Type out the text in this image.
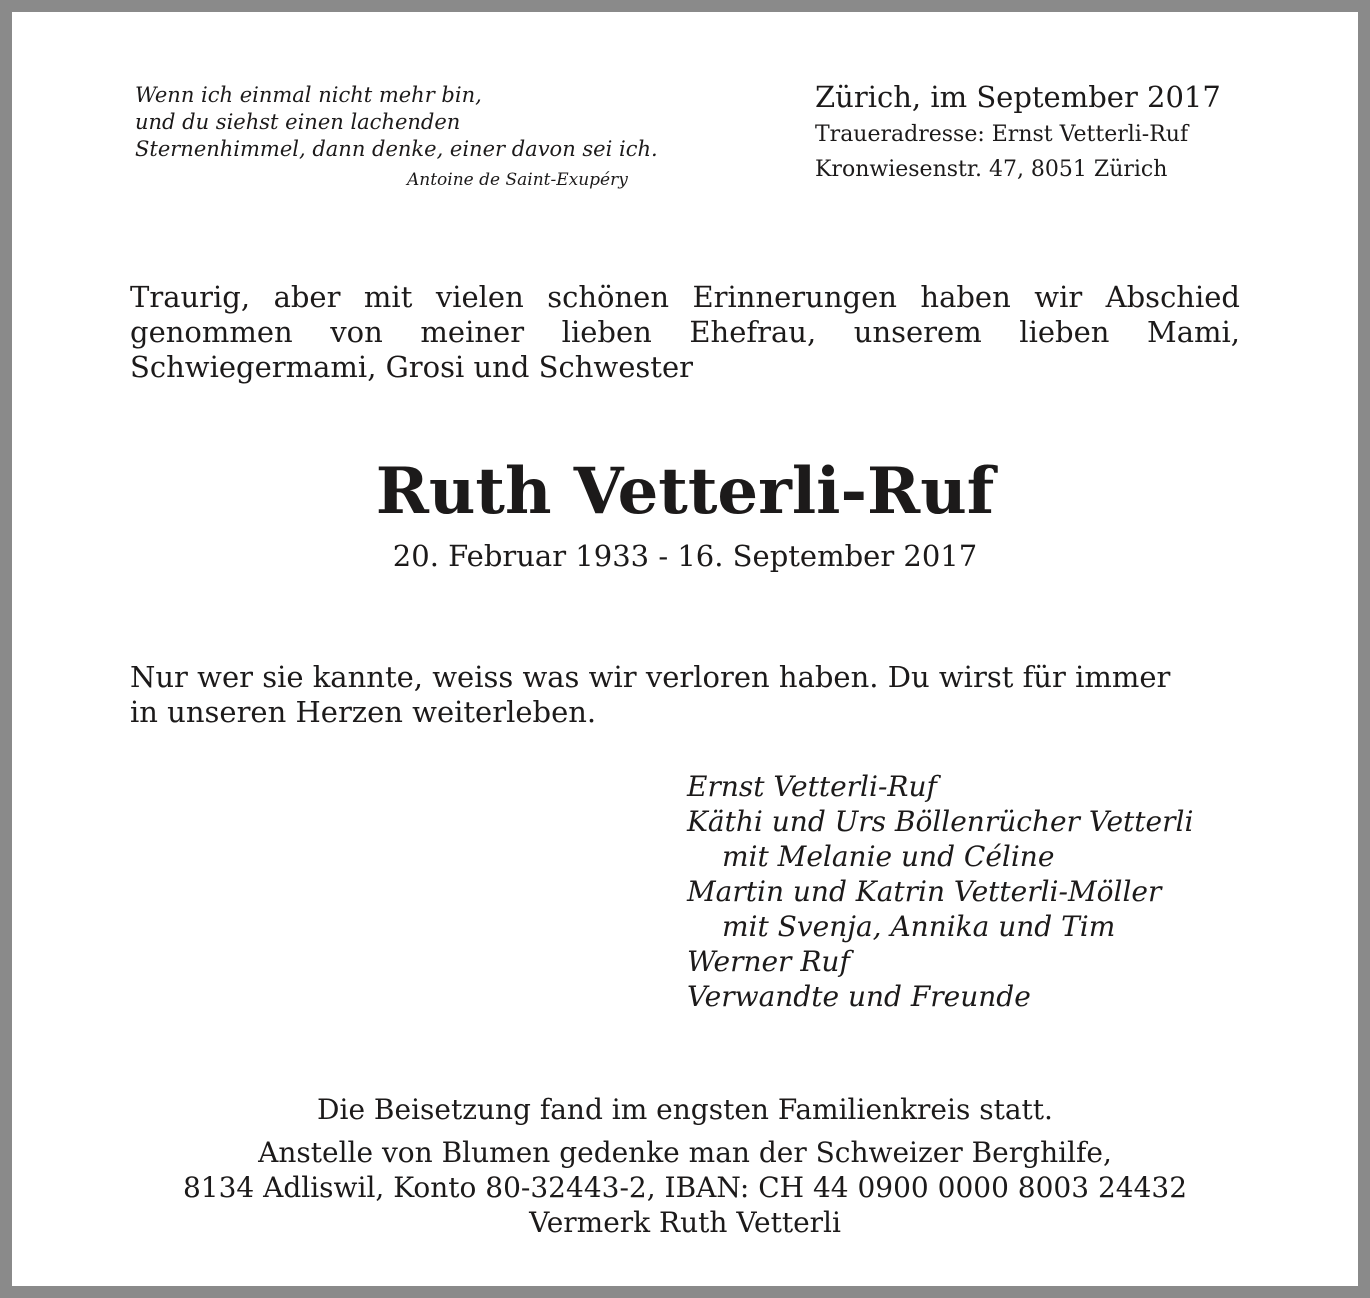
Wenn ich einmal nicht mehr bin,
und du siehst einen lachenden
Sternenhimmel, dann denke, einer davon sei ich.
Antoine de Saint-Exupéry
Zürich, im September 2017
Traueradresse: Ernst Vetterli-Ruf
Kronwiesenstr. 47, 8051 Zürich
Traurig, aber mit vielen schönen Erinnerungen haben wir Abschied
genommen von meiner lieben Ehefrau, unserem lieben Mami,
Schwiegermami, Grosi und Schwester
Ruth Vetterli-Ruf
20. Februar 1933 - 16. September 2017
Nur wer sie kannte, weiss was wir verloren haben. Du wirst für immer
in unseren Herzen weiterleben.
Ernst Vetterli-Ruf
Käthi und Urs Böllenrücher Vetterli
mit Melanie und Céline
Martin und Katrin Vetterli-Möller
mit Svenja, Annika und Tim
Werner Ruf
Verwandte und Freunde
Die Beisetzung fand im engsten Familienkreis statt.
Anstelle von Blumen gedenke man der Schweizer Berghilfe,
8134 Adliswil, Konto 80-32443-2, IBAN: CH 44 0900 0000 8003 24432
Vermerk Ruth Vetterli
